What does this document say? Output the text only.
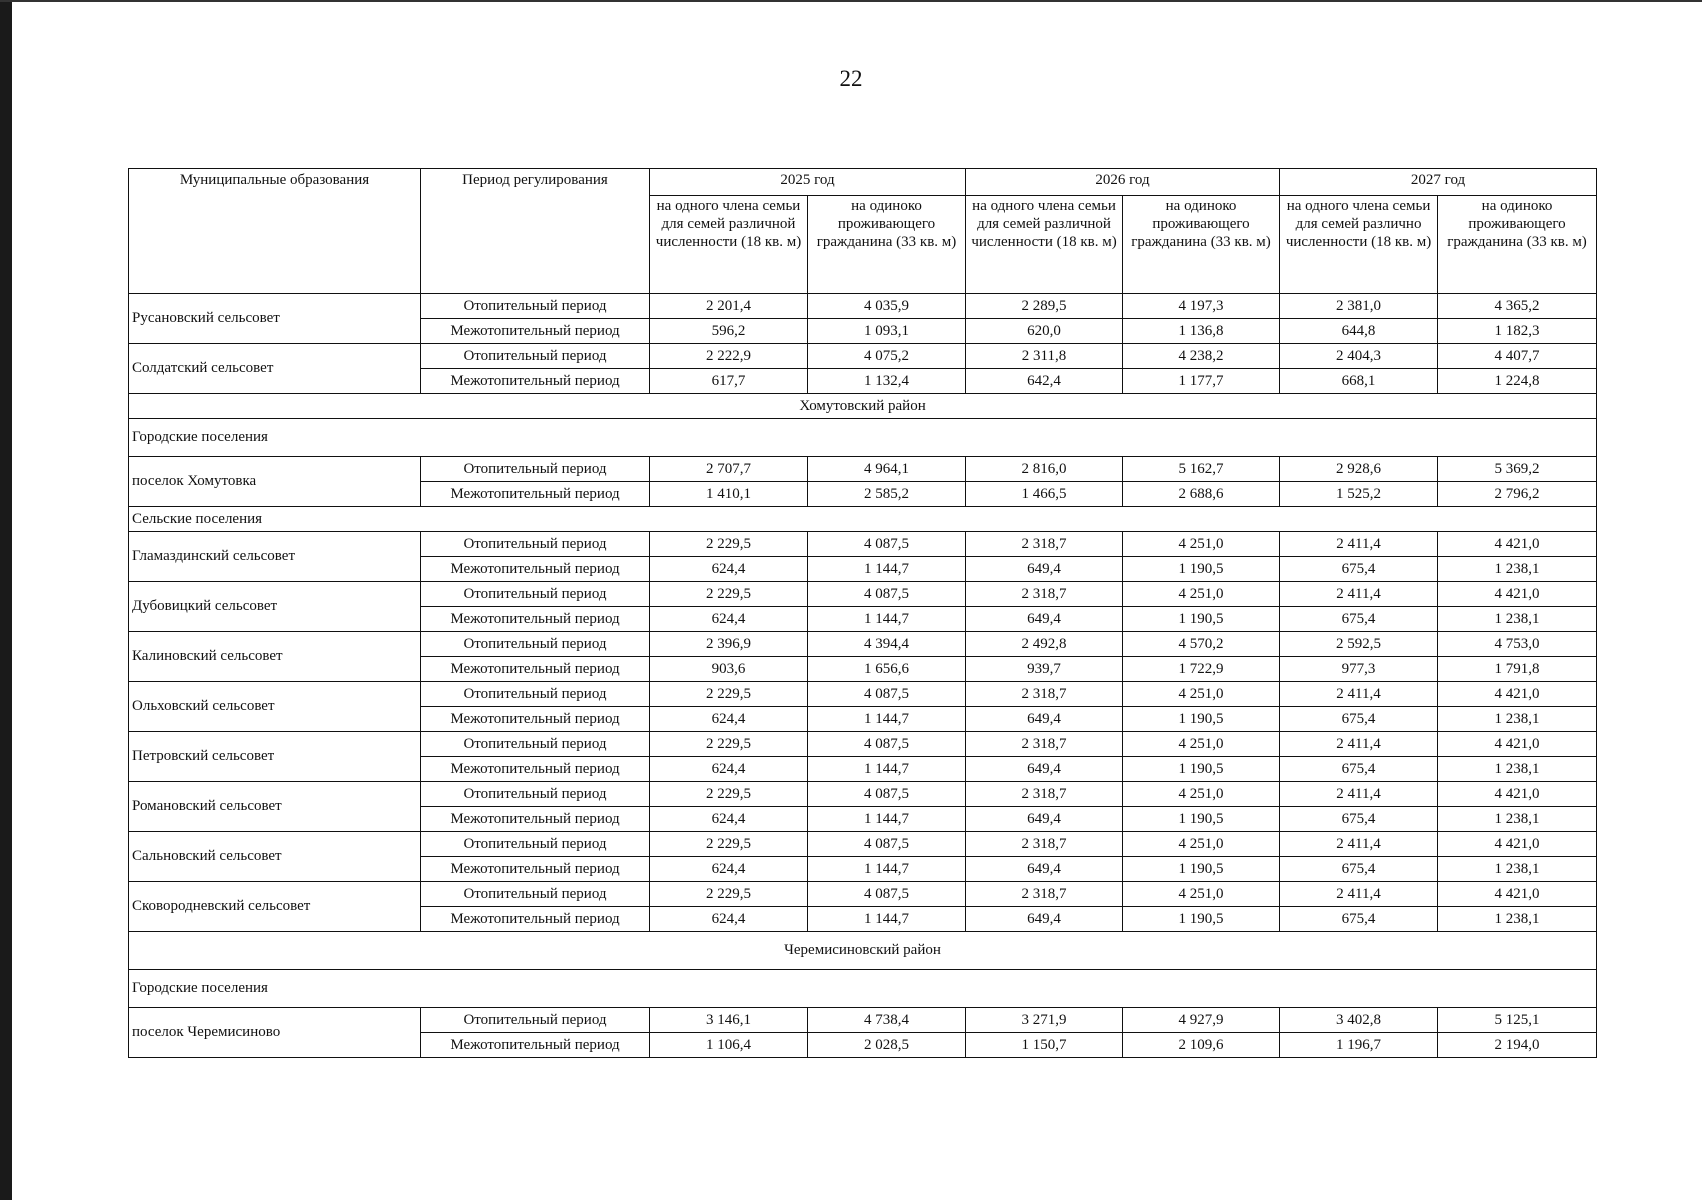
22
Муниципальные образования	Период регулирования	2025 год		2026 год		2027 год	
		на одного члена семьи для семей различной численности (18 кв. м)	на одиноко проживающего гражданина (33 кв. м)	на одного члена семьи для семей различной численности (18 кв. м)	на одиноко проживающего гражданина (33 кв. м)	на одного члена семьи для семей различно численности (18 кв. м)	на одиноко проживающего гражданина (33 кв. м)
Русановский сельсовет	Отопительный период	2 201,4	4 035,9	2 289,5	4 197,3	2 381,0	4 365,2
	Межотопительный период	596,2	1 093,1	620,0	1 136,8	644,8	1 182,3
Солдатский сельсовет	Отопительный период	2 222,9	4 075,2	2 311,8	4 238,2	2 404,3	4 407,7
	Межотопительный период	617,7	1 132,4	642,4	1 177,7	668,1	1 224,8
Хомутовский район							
Городские поселения							
поселок Хомутовка	Отопительный период	2 707,7	4 964,1	2 816,0	5 162,7	2 928,6	5 369,2
	Межотопительный период	1 410,1	2 585,2	1 466,5	2 688,6	1 525,2	2 796,2
Сельские поселения							
Гламаздинский сельсовет	Отопительный период	2 229,5	4 087,5	2 318,7	4 251,0	2 411,4	4 421,0
	Межотопительный период	624,4	1 144,7	649,4	1 190,5	675,4	1 238,1
Дубовицкий сельсовет	Отопительный период	2 229,5	4 087,5	2 318,7	4 251,0	2 411,4	4 421,0
	Межотопительный период	624,4	1 144,7	649,4	1 190,5	675,4	1 238,1
Калиновский сельсовет	Отопительный период	2 396,9	4 394,4	2 492,8	4 570,2	2 592,5	4 753,0
	Межотопительный период	903,6	1 656,6	939,7	1 722,9	977,3	1 791,8
Ольховский сельсовет	Отопительный период	2 229,5	4 087,5	2 318,7	4 251,0	2 411,4	4 421,0
	Межотопительный период	624,4	1 144,7	649,4	1 190,5	675,4	1 238,1
Петровский сельсовет	Отопительный период	2 229,5	4 087,5	2 318,7	4 251,0	2 411,4	4 421,0
	Межотопительный период	624,4	1 144,7	649,4	1 190,5	675,4	1 238,1
Романовский сельсовет	Отопительный период	2 229,5	4 087,5	2 318,7	4 251,0	2 411,4	4 421,0
	Межотопительный период	624,4	1 144,7	649,4	1 190,5	675,4	1 238,1
Сальновский сельсовет	Отопительный период	2 229,5	4 087,5	2 318,7	4 251,0	2 411,4	4 421,0
	Межотопительный период	624,4	1 144,7	649,4	1 190,5	675,4	1 238,1
Сковородневский сельсовет	Отопительный период	2 229,5	4 087,5	2 318,7	4 251,0	2 411,4	4 421,0
	Межотопительный период	624,4	1 144,7	649,4	1 190,5	675,4	1 238,1
Черемисиновский район							
Городские поселения							
поселок Черемисиново	Отопительный период	3 146,1	4 738,4	3 271,9	4 927,9	3 402,8	5 125,1
	Межотопительный период	1 106,4	2 028,5	1 150,7	2 109,6	1 196,7	2 194,0
